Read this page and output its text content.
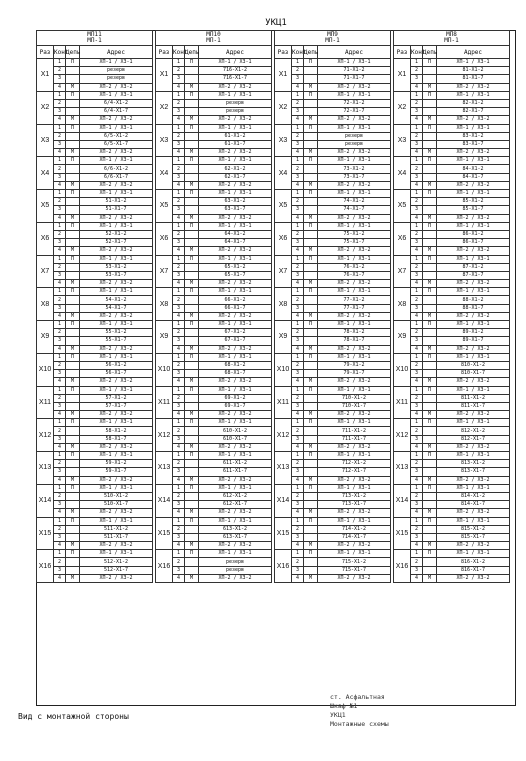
УКЦ1
МП11
МП-1			

Раз	Конт	Цепь	Адрес
X1	1	П	ХП-1 / ХЗ-1
	2		резерв
	3		резерв
	4	М	ХП-2 / ХЗ-2
X2	1	П	ХП-1 / ХЗ-1
	2		6/4-Х1-2
	3		6/4-Х1-7
	4	М	ХП-2 / ХЗ-2
X3	1	П	ХП-1 / ХЗ-1
	2		6/5-Х1-2
	3		6/5-Х1-7
	4	М	ХП-2 / ХЗ-2
X4	1	П	ХП-1 / ХЗ-1
	2		6/6-Х1-2
	3		6/6-Х1-7
	4	М	ХП-2 / ХЗ-2
X5	1	П	ХП-1 / ХЗ-1
	2		51-Х1-2
	3		51-Х1-7
	4	М	ХП-2 / ХЗ-2
X6	1	П	ХП-1 / ХЗ-1
	2		52-Х1-2
	3		52-Х1-7
	4	М	ХП-2 / ХЗ-2
X7	1	П	ХП-1 / ХЗ-1
	2		53-Х1-2
	3		53-Х1-7
	4	М	ХП-2 / ХЗ-2
X8	1	П	ХП-1 / ХЗ-1
	2		54-Х1-2
	3		54-Х1-7
	4	М	ХП-2 / ХЗ-2
X9	1	П	ХП-1 / ХЗ-1
	2		55-Х1-2
	3		55-Х1-7
	4	М	ХП-2 / ХЗ-2
X10	1	П	ХП-1 / ХЗ-1
	2		56-Х1-2
	3		56-Х1-7
	4	М	ХП-2 / ХЗ-2
X11	1	П	ХП-1 / ХЗ-1
	2		57-Х1-2
	3		57-Х1-7
	4	М	ХП-2 / ХЗ-2
X12	1	П	ХП-1 / ХЗ-1
	2		58-Х1-2
	3		58-Х1-7
	4	М	ХП-2 / ХЗ-2
X13	1	П	ХП-1 / ХЗ-1
	2		59-Х1-2
	3		59-Х1-7
	4	М	ХП-2 / ХЗ-2
X14	1	П	ХП-1 / ХЗ-1
	2		510-Х1-2
	3		510-Х1-7
	4	М	ХП-2 / ХЗ-2
X15	1	П	ХП-1 / ХЗ-1
	2		511-Х1-2
	3		511-Х1-7
	4	М	ХП-2 / ХЗ-2
X16	1	П	ХП-1 / ХЗ-1
	2		512-Х1-2
	3		512-Х1-7
	4	М	ХП-2 / ХЗ-2
МП10
МП-1			

Раз	Конт	Цепь	Адрес
X1	1	П	ХП-1 / ХЗ-1
	2		716-Х1-2
	3		716-Х1-7
	4	М	ХП-2 / ХЗ-2
X2	1	П	ХП-1 / ХЗ-1
	2		резерв
	3		резерв
	4	М	ХП-2 / ХЗ-2
X3	1	П	ХП-1 / ХЗ-1
	2		61-Х1-2
	3		61-Х1-7
	4	М	ХП-2 / ХЗ-2
X4	1	П	ХП-1 / ХЗ-1
	2		62-Х1-2
	3		62-Х1-7
	4	М	ХП-2 / ХЗ-2
X5	1	П	ХП-1 / ХЗ-1
	2		63-Х1-2
	3		63-Х1-7
	4	М	ХП-2 / ХЗ-2
X6	1	П	ХП-1 / ХЗ-1
	2		64-Х1-2
	3		64-Х1-7
	4	М	ХП-2 / ХЗ-2
X7	1	П	ХП-1 / ХЗ-1
	2		65-Х1-2
	3		65-Х1-7
	4	М	ХП-2 / ХЗ-2
X8	1	П	ХП-1 / ХЗ-1
	2		66-Х1-2
	3		66-Х1-7
	4	М	ХП-2 / ХЗ-2
X9	1	П	ХП-1 / ХЗ-1
	2		67-Х1-2
	3		67-Х1-7
	4	М	ХП-2 / ХЗ-2
X10	1	П	ХП-1 / ХЗ-1
	2		68-Х1-2
	3		68-Х1-7
	4	М	ХП-2 / ХЗ-2
X11	1	П	ХП-1 / ХЗ-1
	2		69-Х1-2
	3		69-Х1-7
	4	М	ХП-2 / ХЗ-2
X12	1	П	ХП-1 / ХЗ-1
	2		610-Х1-2
	3		610-Х1-7
	4	М	ХП-2 / ХЗ-2
X13	1	П	ХП-1 / ХЗ-1
	2		611-Х1-2
	3		611-Х1-7
	4	М	ХП-2 / ХЗ-2
X14	1	П	ХП-1 / ХЗ-1
	2		612-Х1-2
	3		612-Х1-7
	4	М	ХП-2 / ХЗ-2
X15	1	П	ХП-1 / ХЗ-1
	2		613-Х1-2
	3		613-Х1-7
	4	М	ХП-2 / ХЗ-2
X16	1	П	ХП-1 / ХЗ-1
	2		резерв
	3		резерв
	4	М	ХП-2 / ХЗ-2
МП9
МП-1			

Раз	Конт	Цепь	Адрес
X1	1	П	ХП-1 / ХЗ-1
	2		71-Х1-2
	3		71-Х1-7
	4	М	ХП-2 / ХЗ-2
X2	1	П	ХП-1 / ХЗ-1
	2		72-Х1-2
	3		72-Х1-7
	4	М	ХП-2 / ХЗ-2
X3	1	П	ХП-1 / ХЗ-1
	2		резерв
	3		резерв
	4	М	ХП-2 / ХЗ-2
X4	1	П	ХП-1 / ХЗ-1
	2		73-Х1-2
	3		73-Х1-7
	4	М	ХП-2 / ХЗ-2
X5	1	П	ХП-1 / ХЗ-1
	2		74-Х1-2
	3		74-Х1-7
	4	М	ХП-2 / ХЗ-2
X6	1	П	ХП-1 / ХЗ-1
	2		75-Х1-2
	3		75-Х1-7
	4	М	ХП-2 / ХЗ-2
X7	1	П	ХП-1 / ХЗ-1
	2		76-Х1-2
	3		76-Х1-7
	4	М	ХП-2 / ХЗ-2
X8	1	П	ХП-1 / ХЗ-1
	2		77-Х1-2
	3		77-Х1-7
	4	М	ХП-2 / ХЗ-2
X9	1	П	ХП-1 / ХЗ-1
	2		78-Х1-2
	3		78-Х1-7
	4	М	ХП-2 / ХЗ-2
X10	1	П	ХП-1 / ХЗ-1
	2		79-Х1-2
	3		79-Х1-7
	4	М	ХП-2 / ХЗ-2
X11	1	П	ХП-1 / ХЗ-1
	2		710-Х1-2
	3		710-Х1-7
	4	М	ХП-2 / ХЗ-2
X12	1	П	ХП-1 / ХЗ-1
	2		711-Х1-2
	3		711-Х1-7
	4	М	ХП-2 / ХЗ-2
X13	1	П	ХП-1 / ХЗ-1
	2		712-Х1-2
	3		712-Х1-7
	4	М	ХП-2 / ХЗ-2
X14	1	П	ХП-1 / ХЗ-1
	2		713-Х1-2
	3		713-Х1-7
	4	М	ХП-2 / ХЗ-2
X15	1	П	ХП-1 / ХЗ-1
	2		714-Х1-2
	3		714-Х1-7
	4	М	ХП-2 / ХЗ-2
X16	1	П	ХП-1 / ХЗ-1
	2		715-Х1-2
	3		715-Х1-7
	4	М	ХП-2 / ХЗ-2
МП8
МП-1			

Раз	Конт	Цепь	Адрес
X1	1	П	ХП-1 / ХЗ-1
	2		81-Х1-2
	3		81-Х1-7
	4	М	ХП-2 / ХЗ-2
X2	1	П	ХП-1 / ХЗ-1
	2		82-Х1-2
	3		82-Х1-7
	4	М	ХП-2 / ХЗ-2
X3	1	П	ХП-1 / ХЗ-1
	2		83-Х1-2
	3		83-Х1-7
	4	М	ХП-2 / ХЗ-2
X4	1	П	ХП-1 / ХЗ-1
	2		84-Х1-2
	3		84-Х1-7
	4	М	ХП-2 / ХЗ-2
X5	1	П	ХП-1 / ХЗ-1
	2		85-Х1-2
	3		85-Х1-7
	4	М	ХП-2 / ХЗ-2
X6	1	П	ХП-1 / ХЗ-1
	2		86-Х1-2
	3		86-Х1-7
	4	М	ХП-2 / ХЗ-2
X7	1	П	ХП-1 / ХЗ-1
	2		87-Х1-2
	3		87-Х1-7
	4	М	ХП-2 / ХЗ-2
X8	1	П	ХП-1 / ХЗ-1
	2		88-Х1-2
	3		88-Х1-7
	4	М	ХП-2 / ХЗ-2
X9	1	П	ХП-1 / ХЗ-1
	2		89-Х1-2
	3		89-Х1-7
	4	М	ХП-2 / ХЗ-2
X10	1	П	ХП-1 / ХЗ-1
	2		810-Х1-2
	3		810-Х1-7
	4	М	ХП-2 / ХЗ-2
X11	1	П	ХП-1 / ХЗ-1
	2		811-Х1-2
	3		811-Х1-7
	4	М	ХП-2 / ХЗ-2
X12	1	П	ХП-1 / ХЗ-1
	2		812-Х1-2
	3		812-Х1-7
	4	М	ХП-2 / ХЗ-2
X13	1	П	ХП-1 / ХЗ-1
	2		813-Х1-2
	3		813-Х1-7
	4	М	ХП-2 / ХЗ-2
X14	1	П	ХП-1 / ХЗ-1
	2		814-Х1-2
	3		814-Х1-7
	4	М	ХП-2 / ХЗ-2
X15	1	П	ХП-1 / ХЗ-1
	2		815-Х1-2
	3		815-Х1-7
	4	М	ХП-2 / ХЗ-2
X16	1	П	ХП-1 / ХЗ-1
	2		816-Х1-2
	3		816-Х1-7
	4	М	ХП-2 / ХЗ-2
ст. Асфальтная
Шкаф №1
УКЦ1
Монтажные схемы
Вид с монтажной стороны
